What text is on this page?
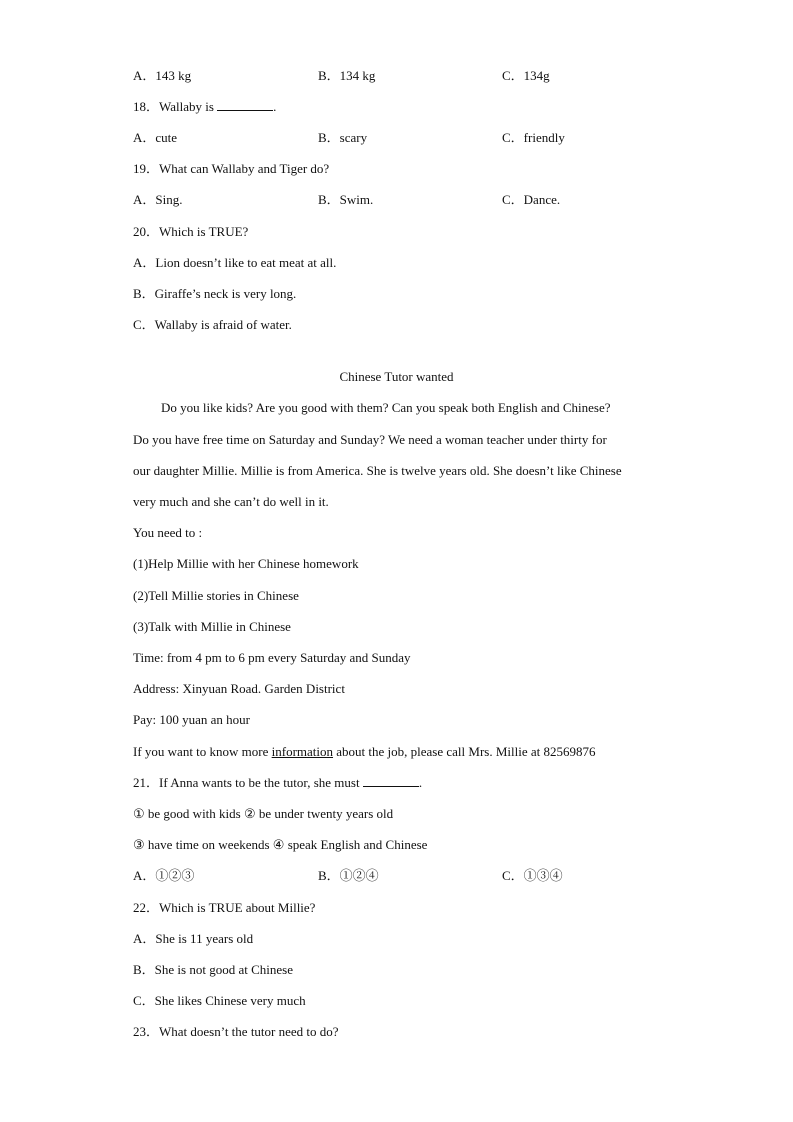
A．143 kg	B．134 kg	C．134g
18．Wallaby is	.
A．cute	B．scary	C．friendly
19．What can Wallaby and Tiger do?
A．Sing.	B．Swim.	C．Dance.
20．Which is TRUE?
A．Lion doesn’t like to eat meat at all.
B．Giraffe’s neck is very long.
C．Wallaby is afraid of water.
Chinese Tutor wanted
Do you like kids? Are you good with them? Can you speak both English and Chinese?
Do you have free time on Saturday and Sunday? We need a woman teacher under thirty for
our daughter Millie. Millie is from America. She is twelve years old. She doesn’t like Chinese
very much and she can’t do well in it.
You need to :
(1)Help Millie with her Chinese homework
(2)Tell Millie stories in Chinese
(3)Talk with Millie in Chinese
Time: from 4 pm to 6 pm every Saturday and Sunday
Address: Xinyuan Road. Garden District
Pay: 100 yuan an hour
If you want to know more information about the job, please call Mrs. Millie at 82569876
21．If Anna wants to be the tutor, she must	.
① be good with kids ② be under twenty years old
③ have time on weekends ④ speak English and Chinese
A．①②③	B．①②④	C．①③④
22．Which is TRUE about Millie?
A．She is 11 years old
B．She is not good at Chinese
C．She likes Chinese very much
23．What doesn’t the tutor need to do?
